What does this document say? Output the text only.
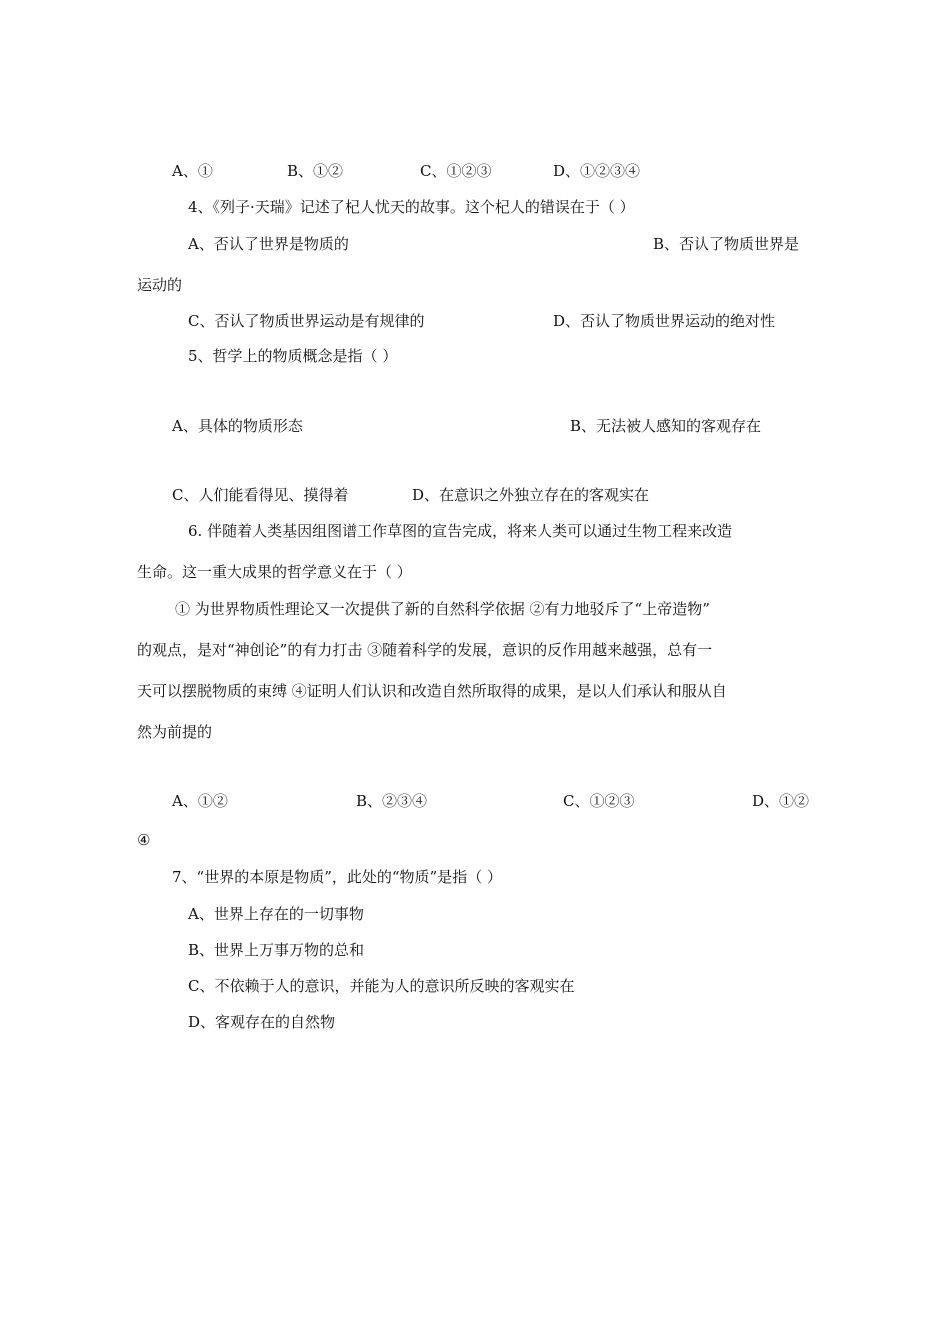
A、①	B、①②	C、①②③	D、①②③④
4、《列子·天瑞》记述了杞人忧天的故事。这个杞人的错误在于（ ）
A、否认了世界是物质的	B、否认了物质世界是
运动的
C、否认了物质世界运动是有规律的	D、否认了物质世界运动的绝对性
5、哲学上的物质概念是指（ ）
A、具体的物质形态	B、无法被人感知的客观存在
C、人们能看得见、摸得着	D、在意识之外独立存在的客观实在
6. 伴随着人类基因组图谱工作草图的宣告完成，将来人类可以通过生物工程来改造
生命。这一重大成果的哲学意义在于（ ）
① 为世界物质性理论又一次提供了新的自然科学依据 ②有力地驳斥了“上帝造物”
的观点，是对“神创论”的有力打击 ③随着科学的发展，意识的反作用越来越强，总有一
天可以摆脱物质的束缚 ④证明人们认识和改造自然所取得的成果，是以人们承认和服从自
然为前提的
A、①②	B、②③④	C、①②③	D、①②
④
7、“世界的本原是物质”，此处的“物质”是指（ ）
A、世界上存在的一切事物
B、世界上万事万物的总和
C、不依赖于人的意识，并能为人的意识所反映的客观实在
D、客观存在的自然物
